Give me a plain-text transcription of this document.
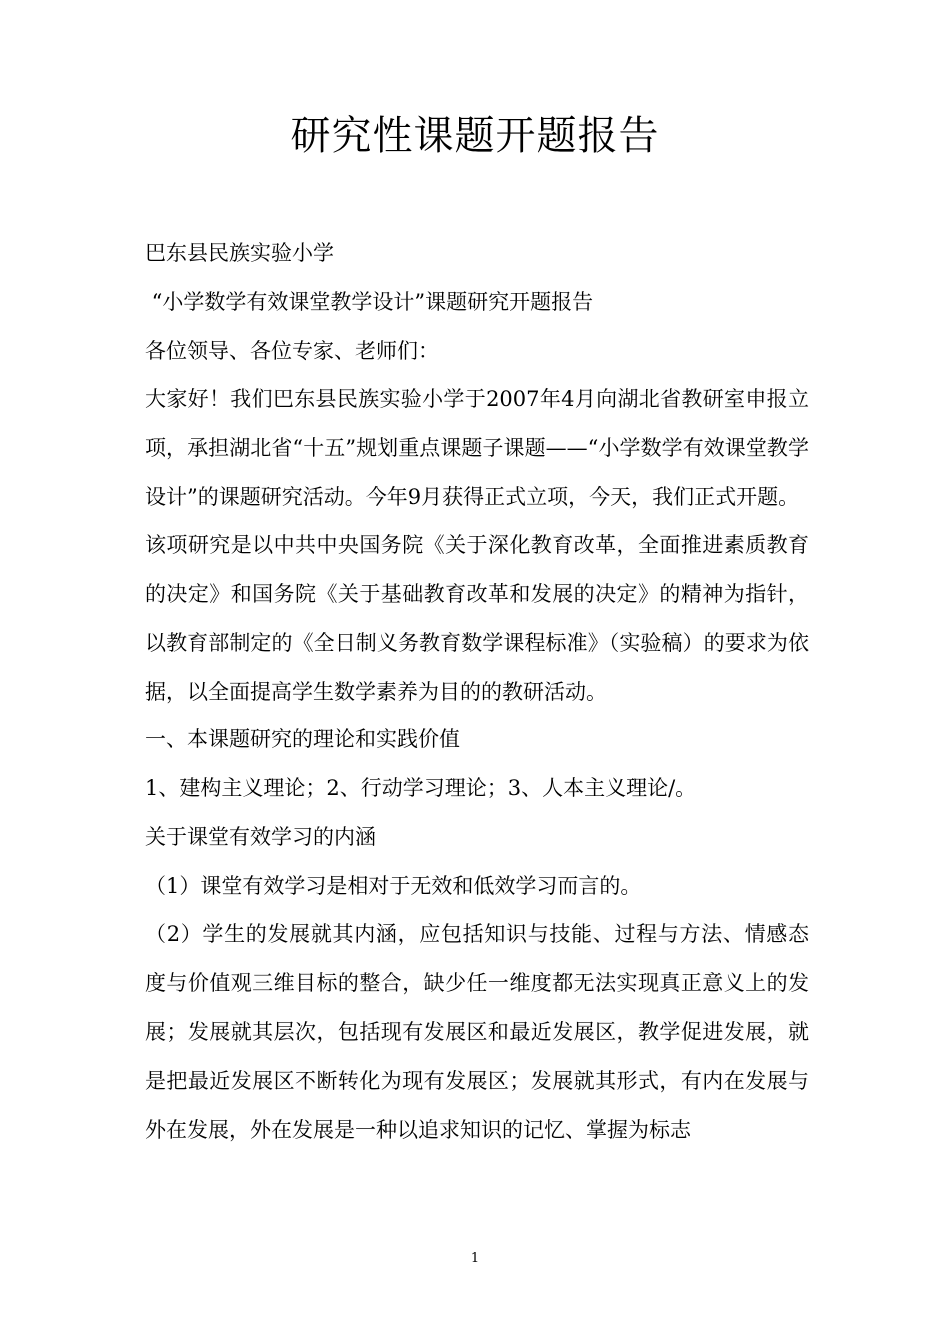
研究性课题开题报告

巴东县民族实验小学

“小学数学有效课堂教学设计”课题研究开题报告

各位领导、各位专家、老师们：

大家好！我们巴东县民族实验小学于2007年4月向湖北省教研室申报立项，承担湖北省“十五”规划重点课题子课题——“小学数学有效课堂教学设计”的课题研究活动。今年9月获得正式立项，今天，我们正式开题。

该项研究是以中共中央国务院《关于深化教育改革，全面推进素质教育的决定》和国务院《关于基础教育改革和发展的决定》的精神为指针，以教育部制定的《全日制义务教育数学课程标准》（实验稿）的要求为依据，以全面提高学生数学素养为目的的教研活动。

一、本课题研究的理论和实践价值

1、建构主义理论；2、行动学习理论；3、人本主义理论/。

关于课堂有效学习的内涵

（1）课堂有效学习是相对于无效和低效学习而言的。

（2）学生的发展就其内涵，应包括知识与技能、过程与方法、情感态度与价值观三维目标的整合，缺少任一维度都无法实现真正意义上的发展；发展就其层次，包括现有发展区和最近发展区，教学促进发展，就是把最近发展区不断转化为现有发展区；发展就其形式，有内在发展与外在发展，外在发展是一种以追求知识的记忆、掌握为标志

1
